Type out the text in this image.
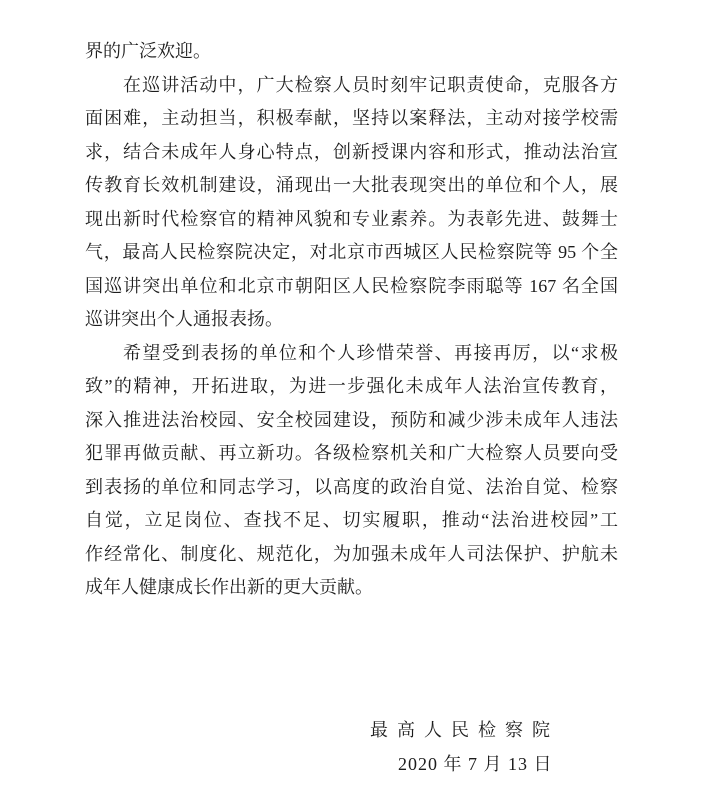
界的广泛欢迎。
在巡讲活动中，广大检察人员时刻牢记职责使命，克服各方
面困难，主动担当，积极奉献，坚持以案释法，主动对接学校需
求，结合未成年人身心特点，创新授课内容和形式，推动法治宣
传教育长效机制建设，涌现出一大批表现突出的单位和个人，展
现出新时代检察官的精神风貌和专业素养。为表彰先进、鼓舞士
气，最高人民检察院决定，对北京市西城区人民检察院等 95 个全
国巡讲突出单位和北京市朝阳区人民检察院李雨聪等 167 名全国
巡讲突出个人通报表扬。
希望受到表扬的单位和个人珍惜荣誉、再接再厉，以“求极
致”的精神，开拓进取，为进一步强化未成年人法治宣传教育，
深入推进法治校园、安全校园建设，预防和减少涉未成年人违法
犯罪再做贡献、再立新功。各级检察机关和广大检察人员要向受
到表扬的单位和同志学习，以高度的政治自觉、法治自觉、检察
自觉，立足岗位、查找不足、切实履职，推动“法治进校园”工
作经常化、制度化、规范化，为加强未成年人司法保护、护航未
成年人健康成长作出新的更大贡献。
最高人民检察院
2020 年 7 月 13 日
